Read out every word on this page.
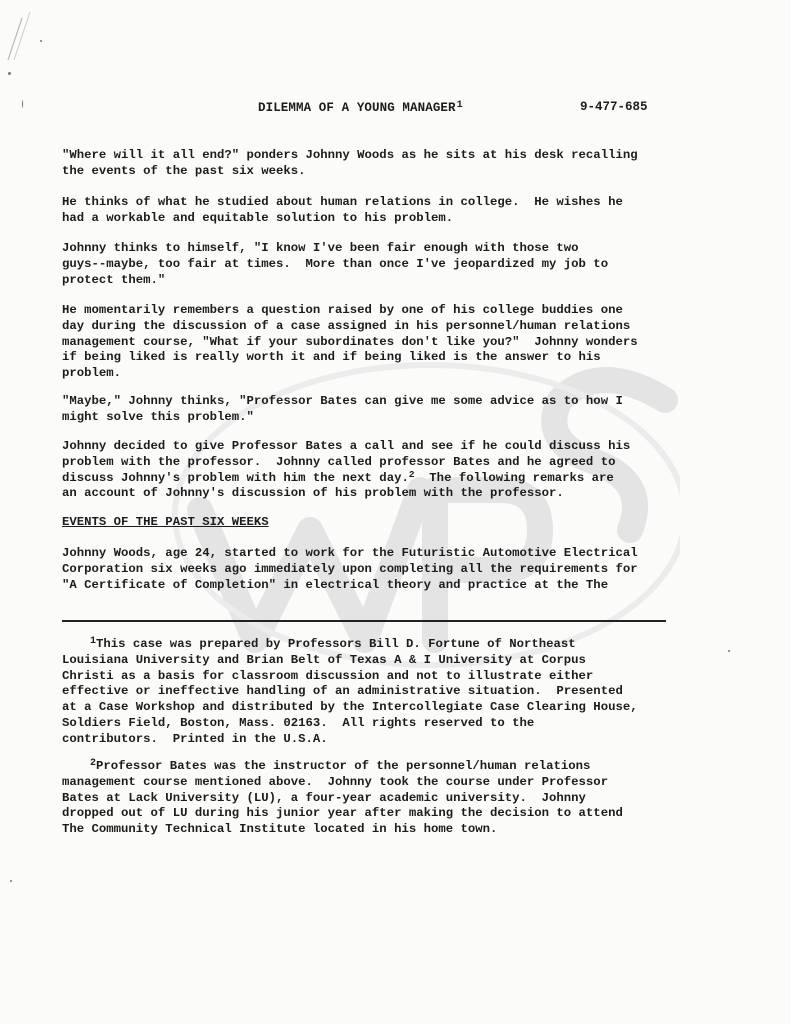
DILEMMA OF A YOUNG MANAGER$^1$	9-477-685

"Where will it all end?" ponders Johnny Woods as he sits at his desk recalling
the events of the past six weeks.

He thinks of what he studied about human relations in college.  He wishes he
had a workable and equitable solution to his problem.

Johnny thinks to himself, "I know I've been fair enough with those two
guys--maybe, too fair at times.  More than once I've jeopardized my job to
protect them."

He momentarily remembers a question raised by one of his college buddies one
day during the discussion of a case assigned in his personnel/human relations
management course, "What if your subordinates don't like you?"  Johnny wonders
if being liked is really worth it and if being liked is the answer to his
problem.

"Maybe," Johnny thinks, "Professor Bates can give me some advice as to how I
might solve this problem."

Johnny decided to give Professor Bates a call and see if he could discuss his
problem with the professor.  Johnny called professor Bates and he agreed to
discuss Johnny's problem with him the next day.$^2$  The following remarks are
an account of Johnny's discussion of his problem with the professor.

EVENTS OF THE PAST SIX WEEKS

Johnny Woods, age 24, started to work for the Futuristic Automotive Electrical
Corporation six weeks ago immediately upon completing all the requirements for
"A Certificate of Completion" in electrical theory and practice at the The

$^1$This case was prepared by Professors Bill D. Fortune of Northeast
Louisiana University and Brian Belt of Texas A & I University at Corpus
Christi as a basis for classroom discussion and not to illustrate either
effective or ineffective handling of an administrative situation.  Presented
at a Case Workshop and distributed by the Intercollegiate Case Clearing House,
Soldiers Field, Boston, Mass. 02163.  All rights reserved to the
contributors.  Printed in the U.S.A.

$^2$Professor Bates was the instructor of the personnel/human relations
management course mentioned above.  Johnny took the course under Professor
Bates at Lack University (LU), a four-year academic university.  Johnny
dropped out of LU during his junior year after making the decision to attend
The Community Technical Institute located in his home town.
